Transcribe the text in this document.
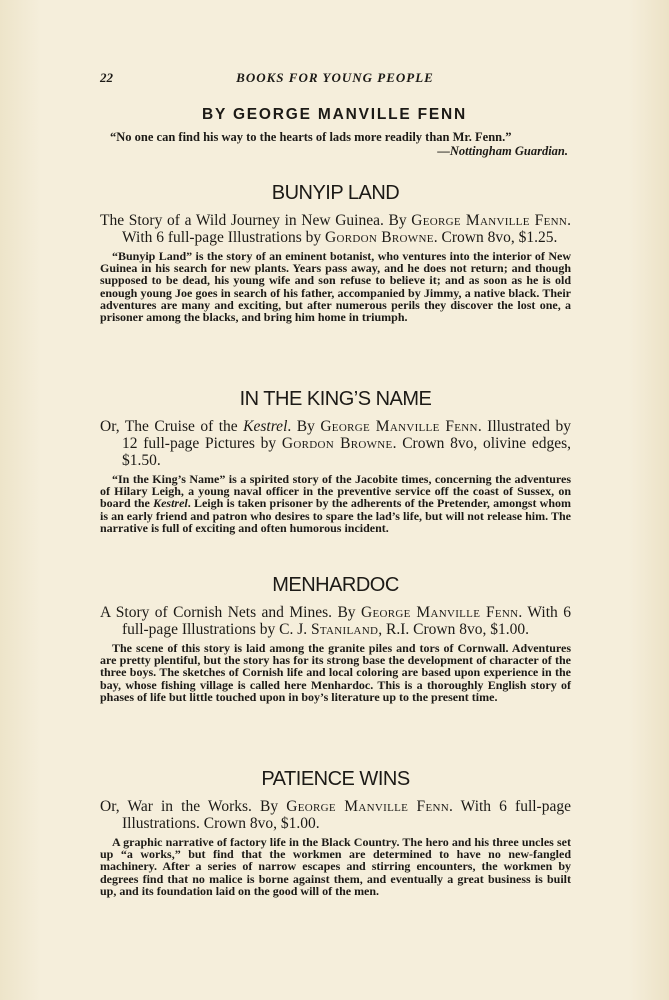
22	BOOKS FOR YOUNG PEOPLE
BY GEORGE MANVILLE FENN
“No one can find his way to the hearts of lads more readily than Mr. Fenn.”
—Nottingham Guardian.
BUNYIP LAND

The Story of a Wild Journey in New Guinea. By George Manville Fenn. With 6 full-page Illustrations by Gordon Browne. Crown 8vo, $1.25.

“Bunyip Land” is the story of an eminent botanist, who ventures into the interior of New Guinea in his search for new plants. Years pass away, and he does not return; and though supposed to be dead, his young wife and son refuse to believe it; and as soon as he is old enough young Joe goes in search of his father, accompanied by Jimmy, a native black. Their adventures are many and exciting, but after numerous perils they discover the lost one, a prisoner among the blacks, and bring him home in triumph.

IN THE KING’S NAME

Or, The Cruise of the Kestrel. By George Manville Fenn. Illustrated by 12 full-page Pictures by Gordon Browne. Crown 8vo, olivine edges, $1.50.

“In the King’s Name” is a spirited story of the Jacobite times, concerning the adventures of Hilary Leigh, a young naval officer in the preventive service off the coast of Sussex, on board the Kestrel. Leigh is taken prisoner by the adherents of the Pretender, amongst whom is an early friend and patron who desires to spare the lad’s life, but will not release him. The narrative is full of exciting and often humorous incident.

MENHARDOC

A Story of Cornish Nets and Mines. By George Manville Fenn. With 6 full-page Illustrations by C. J. Staniland, R.I. Crown 8vo, $1.00.

The scene of this story is laid among the granite piles and tors of Cornwall. Adventures are pretty plentiful, but the story has for its strong base the development of character of the three boys. The sketches of Cornish life and local coloring are based upon experience in the bay, whose fishing village is called here Menhardoc. This is a thoroughly English story of phases of life but little touched upon in boy’s literature up to the present time.

PATIENCE WINS

Or, War in the Works. By George Manville Fenn. With 6 full-page Illustrations. Crown 8vo, $1.00.

A graphic narrative of factory life in the Black Country. The hero and his three uncles set up “a works,” but find that the workmen are determined to have no new-fangled machinery. After a series of narrow escapes and stirring encounters, the workmen by degrees find that no malice is borne against them, and eventually a great business is built up, and its foundation laid on the good will of the men.
